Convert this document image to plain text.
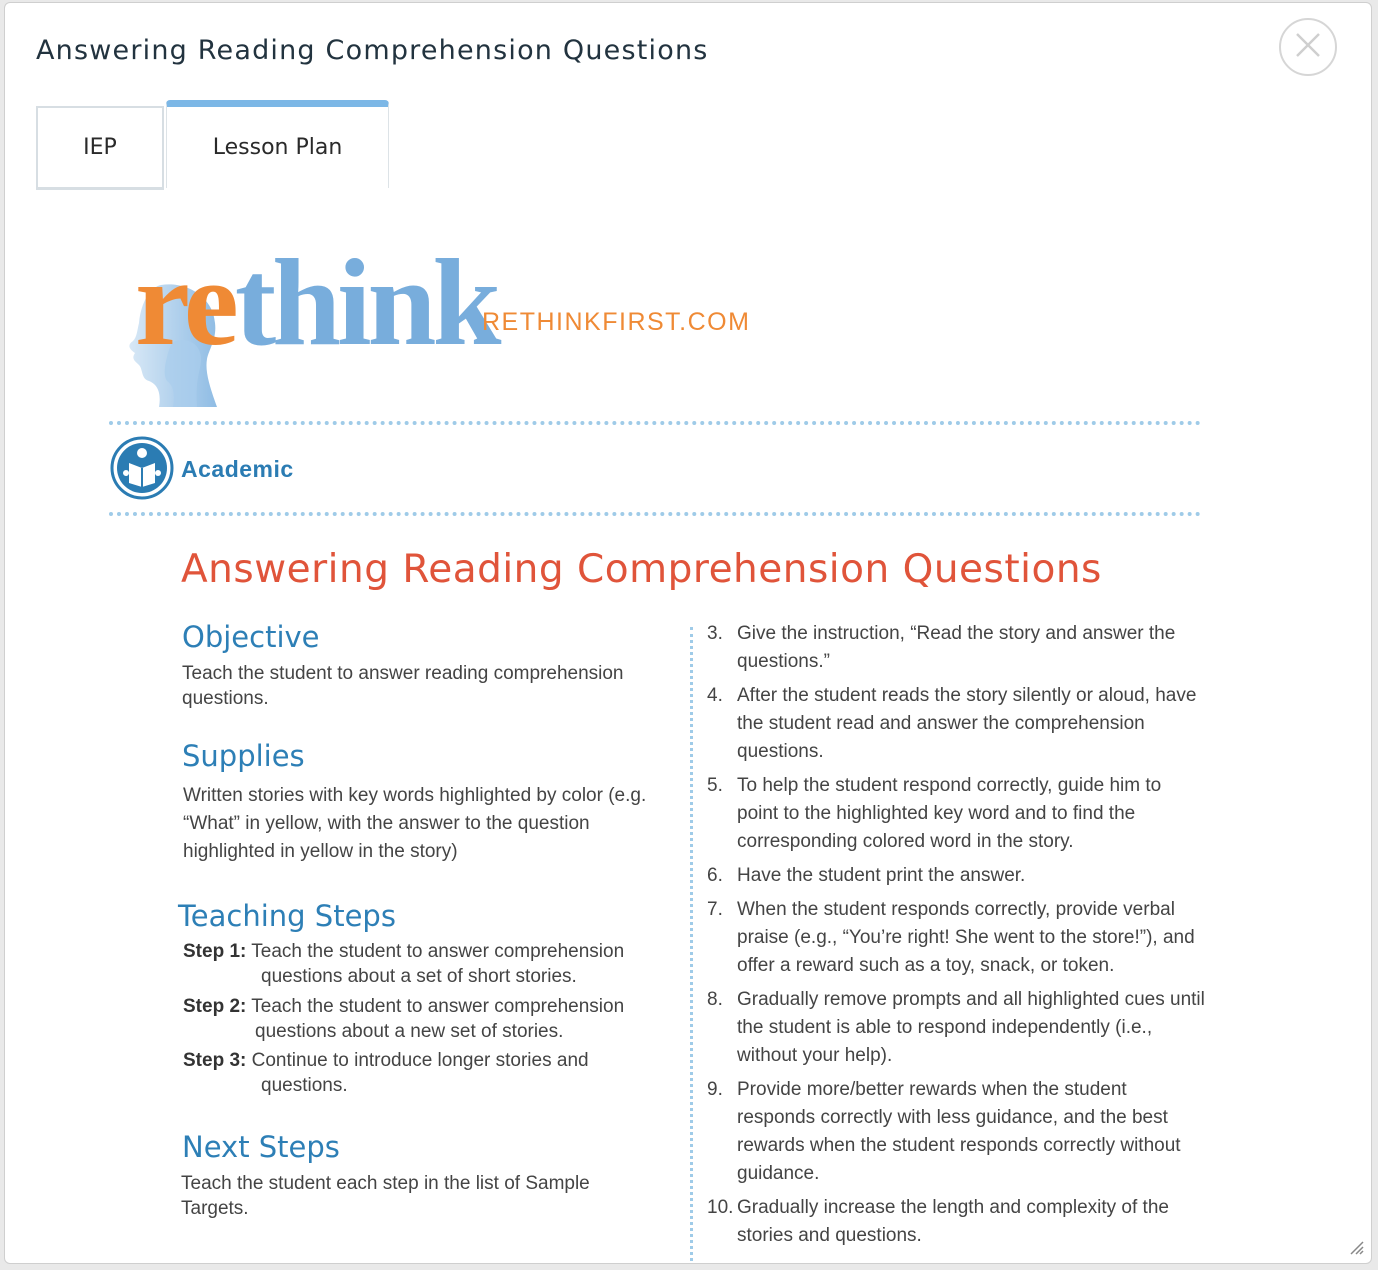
Answering Reading Comprehension Questions
IEP	Lesson Plan
rethink
RETHINKFIRST.COM
Academic
Answering Reading Comprehension Questions
Objective
Teach the student to answer reading comprehension questions.
Supplies
Written stories with key words highlighted by color (e.g. “What” in yellow, with the answer to the question highlighted in yellow in the story)
Teaching Steps
Step 1: Teach the student to answer comprehension
questions about a set of short stories.
Step 2: Teach the student to answer comprehension
questions about a new set of stories.
Step 3: Continue to introduce longer stories and
questions.
Next Steps
Teach the student each step in the list of Sample Targets.
3. Give the instruction, “Read the story and answer the questions.”
4. After the student reads the story silently or aloud, have the student read and answer the comprehension questions.
5. To help the student respond correctly, guide him to point to the highlighted key word and to find the corresponding colored word in the story.
6. Have the student print the answer.
7. When the student responds correctly, provide verbal praise (e.g., “You’re right! She went to the store!”), and offer a reward such as a toy, snack, or token.
8. Gradually remove prompts and all highlighted cues until the student is able to respond independently (i.e., without your help).
9. Provide more/better rewards when the student responds correctly with less guidance, and the best rewards when the student responds correctly without guidance.
10. Gradually increase the length and complexity of the stories and questions.
